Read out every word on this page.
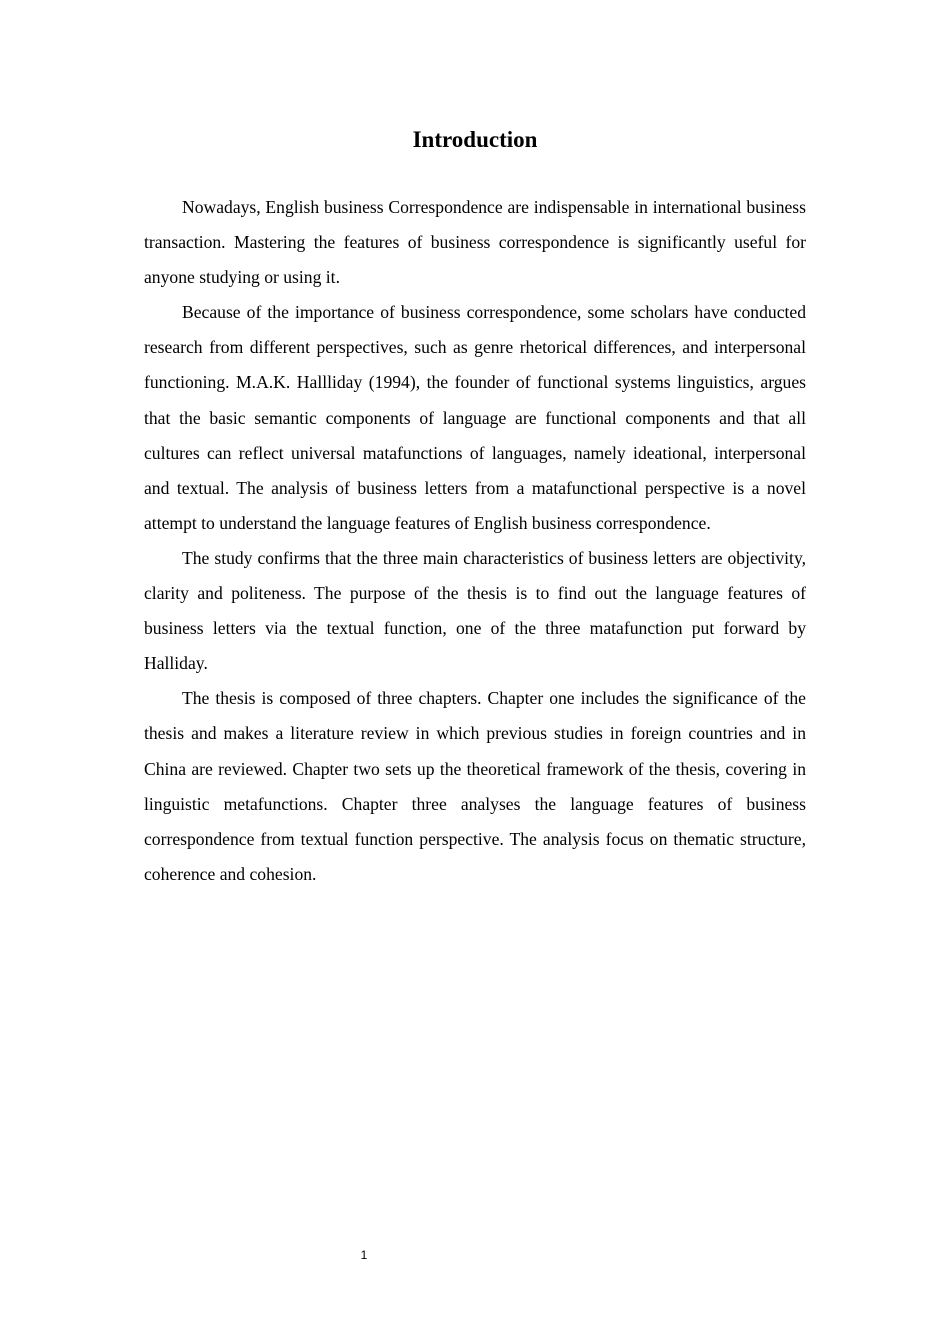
Introduction

Nowadays, English business Correspondence are indispensable in international business transaction. Mastering the features of business correspondence is significantly useful for anyone studying or using it.

Because of the importance of business correspondence, some scholars have conducted research from different perspectives, such as genre rhetorical differences, and interpersonal functioning. M.A.K. Hallliday (1994), the founder of functional systems linguistics, argues that the basic semantic components of language are functional components and that all cultures can reflect universal matafunctions of languages, namely ideational, interpersonal and textual. The analysis of business letters from a matafunctional perspective is a novel attempt to understand the language features of English business correspondence.

The study confirms that the three main characteristics of business letters are objectivity, clarity and politeness. The purpose of the thesis is to find out the language features of business letters via the textual function, one of the three matafunction put forward by Halliday.

The thesis is composed of three chapters. Chapter one includes the significance of the thesis and makes a literature review in which previous studies in foreign countries and in China are reviewed. Chapter two sets up the theoretical framework of the thesis, covering in linguistic metafunctions. Chapter three analyses the language features of business correspondence from textual function perspective. The analysis focus on thematic structure, coherence and cohesion.

1
